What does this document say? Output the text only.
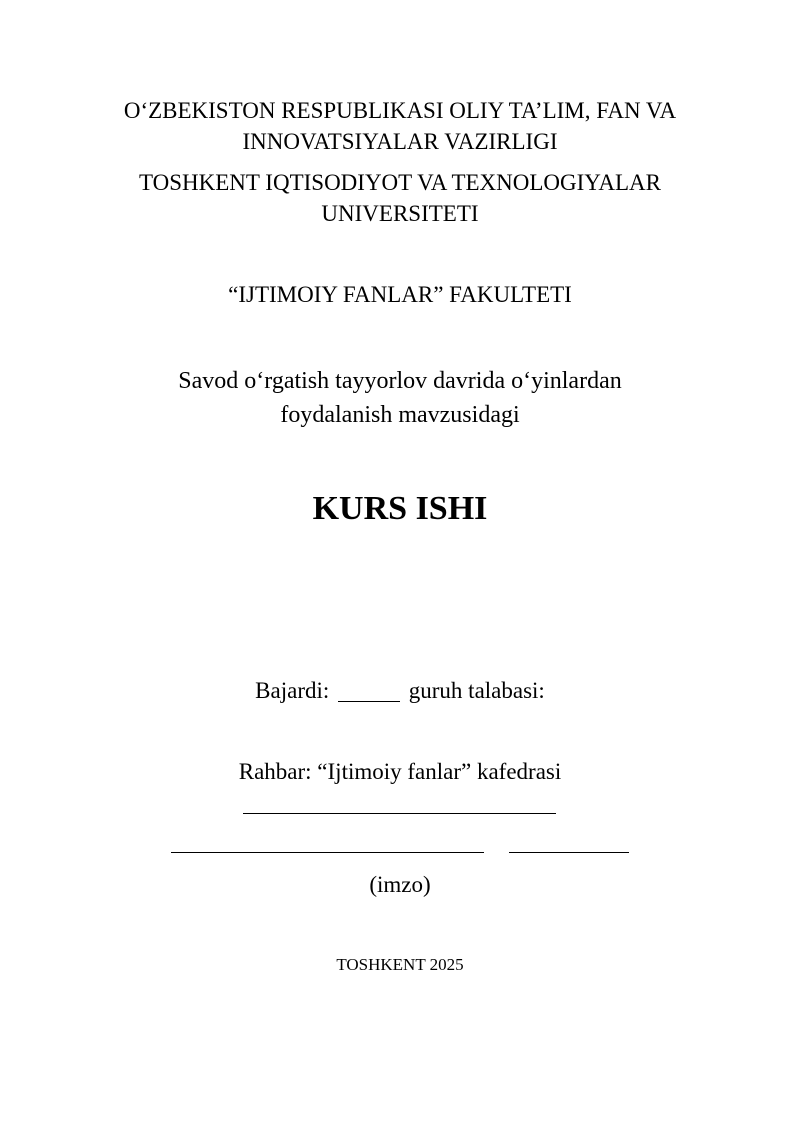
O‘ZBEKISTON RESPUBLIKASI OLIY TA’LIM, FAN VA
INNOVATSIYALAR VAZIRLIGI
TOSHKENT IQTISODIYOT VA TEXNOLOGIYALAR
UNIVERSITETI
“IJTIMOIY FANLAR” FAKULTETI
Savod o‘rgatish tayyorlov davrida o‘yinlardan
foydalanish mavzusidagi
KURS ISHI
Bajardi:	guruh talabasi:
Rahbar: “Ijtimoiy fanlar” kafedrasi
(imzo)
TOSHKENT 2025
